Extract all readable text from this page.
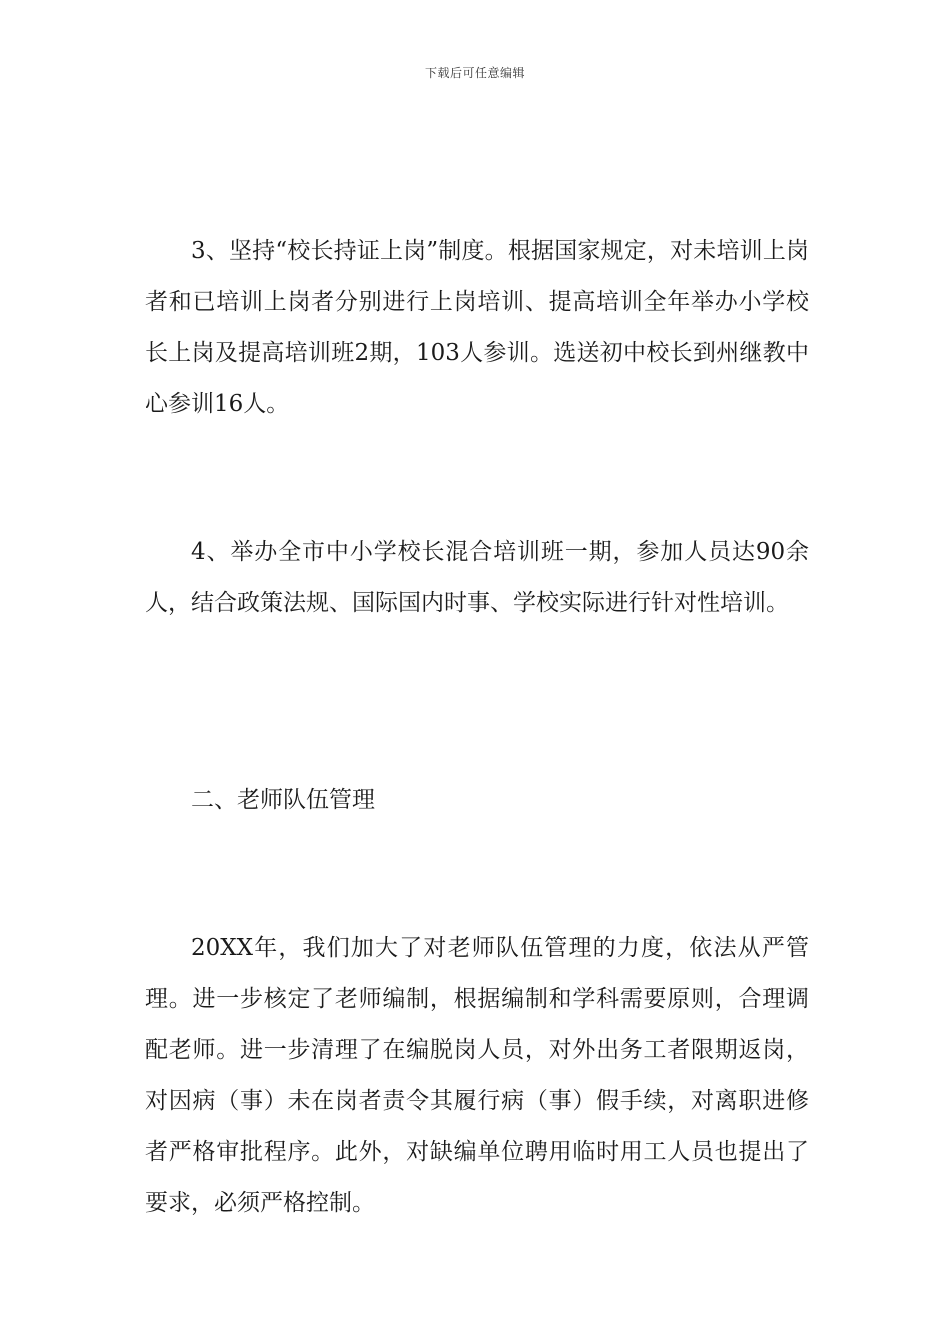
下载后可任意编辑

3、坚持“校长持证上岗”制度。根据国家规定，对未培训上岗者和已培训上岗者分别进行上岗培训、提高培训全年举办小学校长上岗及提高培训班2期，103人参训。选送初中校长到州继教中心参训16人。

4、举办全市中小学校长混合培训班一期，参加人员达90余人，结合政策法规、国际国内时事、学校实际进行针对性培训。

二、老师队伍管理

20XX年，我们加大了对老师队伍管理的力度，依法从严管理。进一步核定了老师编制，根据编制和学科需要原则，合理调配老师。进一步清理了在编脱岗人员，对外出务工者限期返岗，对因病（事）未在岗者责令其履行病（事）假手续，对离职进修者严格审批程序。此外，对缺编单位聘用临时用工人员也提出了要求，必须严格控制。
